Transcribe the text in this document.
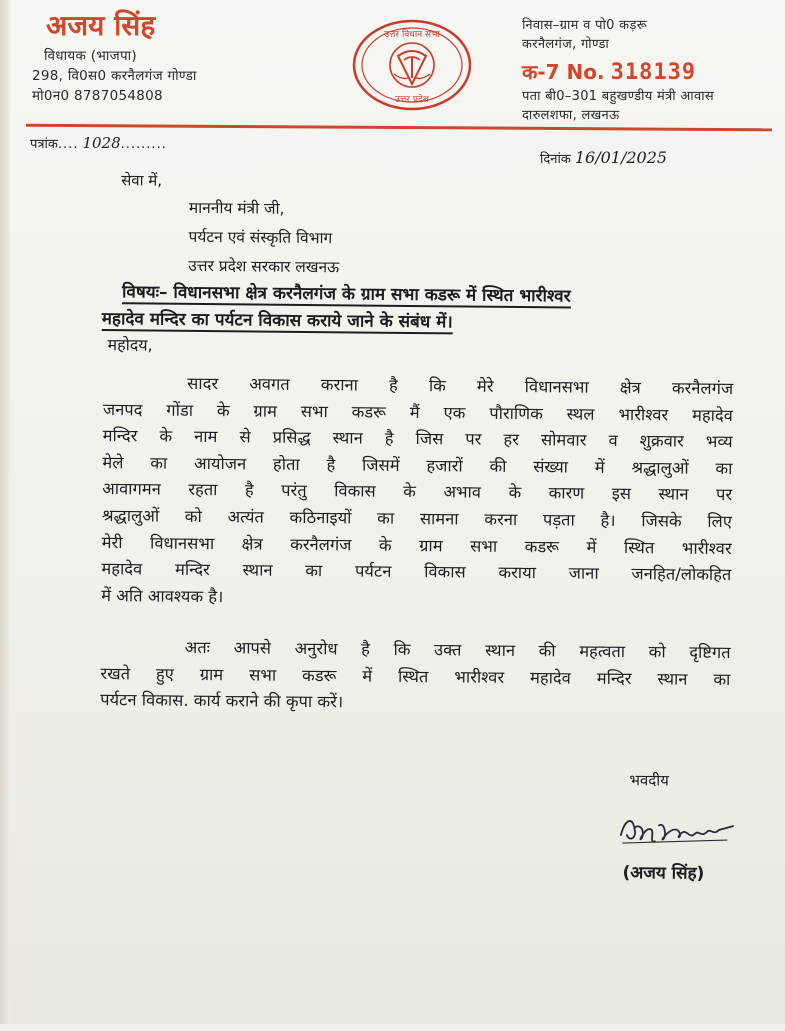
अजय सिंह
विधायक (भाजपा)
298, वि0स0 करनैलगंज गोण्डा
मो0न0 8787054808
उत्तर विधान सभा
उत्तर प्रदेश
निवास–ग्राम व पो0 कड़रू
करनैलगंज, गोण्डा
क-7 No. 318139
पता बी0–301 बहुखण्डीय मंत्री आवास
दारुलशफा, लखनऊ
पत्रांक.... 1028.........
दिनांक 16/01/2025
सेवा में,
माननीय मंत्री जी,
पर्यटन एवं संस्कृति विभाग
उत्तर प्रदेश सरकार लखनऊ
विषयः– विधानसभा क्षेत्र करनैलगंज के ग्राम सभा कडरू में स्थित भारीश्वर
महादेव मन्दिर का पर्यटन विकास कराये जाने के संबंध में।
महोदय,
सादर अवगत कराना है कि मेरे विधानसभा क्षेत्र करनैलगंज
जनपद गोंडा के ग्राम सभा कडरू मैं एक पौराणिक स्थल भारीश्वर महादेव
मन्दिर के नाम से प्रसिद्ध स्थान है जिस पर हर सोमवार व शुक्रवार भव्य
मेले का आयोजन होता है जिसमें हजारों की संख्या में श्रद्धालुओं का
आवागमन रहता है परंतु विकास के अभाव के कारण इस स्थान पर
श्रद्धालुओं को अत्यंत कठिनाइयों का सामना करना पड़ता है। जिसके लिए
मेरी विधानसभा क्षेत्र करनैलगंज के ग्राम सभा कडरू में स्थित भारीश्वर
महादेव मन्दिर स्थान का पर्यटन विकास कराया जाना जनहित/लोकहित
में अति आवश्यक है।
अतः आपसे अनुरोध है कि उक्त स्थान की महत्वता को दृष्टिगत
रखते हुए ग्राम सभा कडरू में स्थित भारीश्वर महादेव मन्दिर स्थान का
पर्यटन विकास. कार्य कराने की कृपा करें।
भवदीय
(अजय सिंह)
